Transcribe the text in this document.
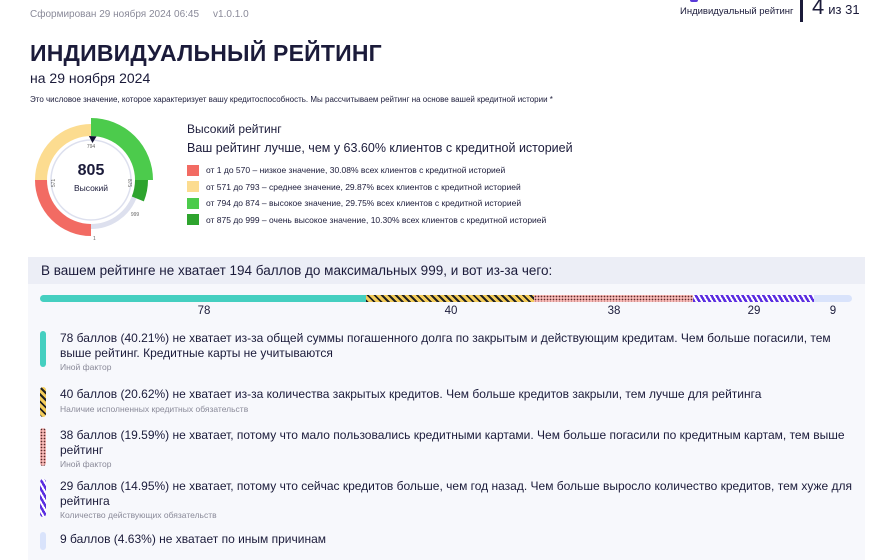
Сформирован 29 ноября 2024 06:45 v1.0.1.0	Индивидуальный рейтинг 4 из 31
ИНДИВИДУАЛЬНЫЙ РЕЙТИНГ
на 29 ноября 2024
Это числовое значение, которое характеризует вашу кредитоспособность. Мы рассчитываем рейтинг на основе вашей кредитной истории *
805
Высокий
794
571	875
999
1
Высокий рейтинг
Ваш рейтинг лучше, чем у 63.60% клиентов с кредитной историей
от 1 до 570 – низкое значение, 30.08% всех клиентов с кредитной историей
от 571 до 793 – среднее значение, 29.87% всех клиентов с кредитной историей
от 794 до 874 – высокое значение, 29.75% всех клиентов с кредитной историей
от 875 до 999 – очень высокое значение, 10.30% всех клиентов с кредитной историей
В вашем рейтинге не хватает 194 баллов до максимальных 999, и вот из-за чего:
78	40	38	29	9
78 баллов (40.21%) не хватает из-за общей суммы погашенного долга по закрытым и действующим кредитам. Чем больше погасили, тем выше рейтинг. Кредитные карты не учитываются
Иной фактор
40 баллов (20.62%) не хватает из-за количества закрытых кредитов. Чем больше кредитов закрыли, тем лучше для рейтинга
Наличие исполненных кредитных обязательств
38 баллов (19.59%) не хватает, потому что мало пользовались кредитными картами. Чем больше погасили по кредитным картам, тем выше рейтинг
Иной фактор
29 баллов (14.95%) не хватает, потому что сейчас кредитов больше, чем год назад. Чем больше выросло количество кредитов, тем хуже для рейтинга
Количество действующих обязательств
9 баллов (4.63%) не хватает по иным причинам
